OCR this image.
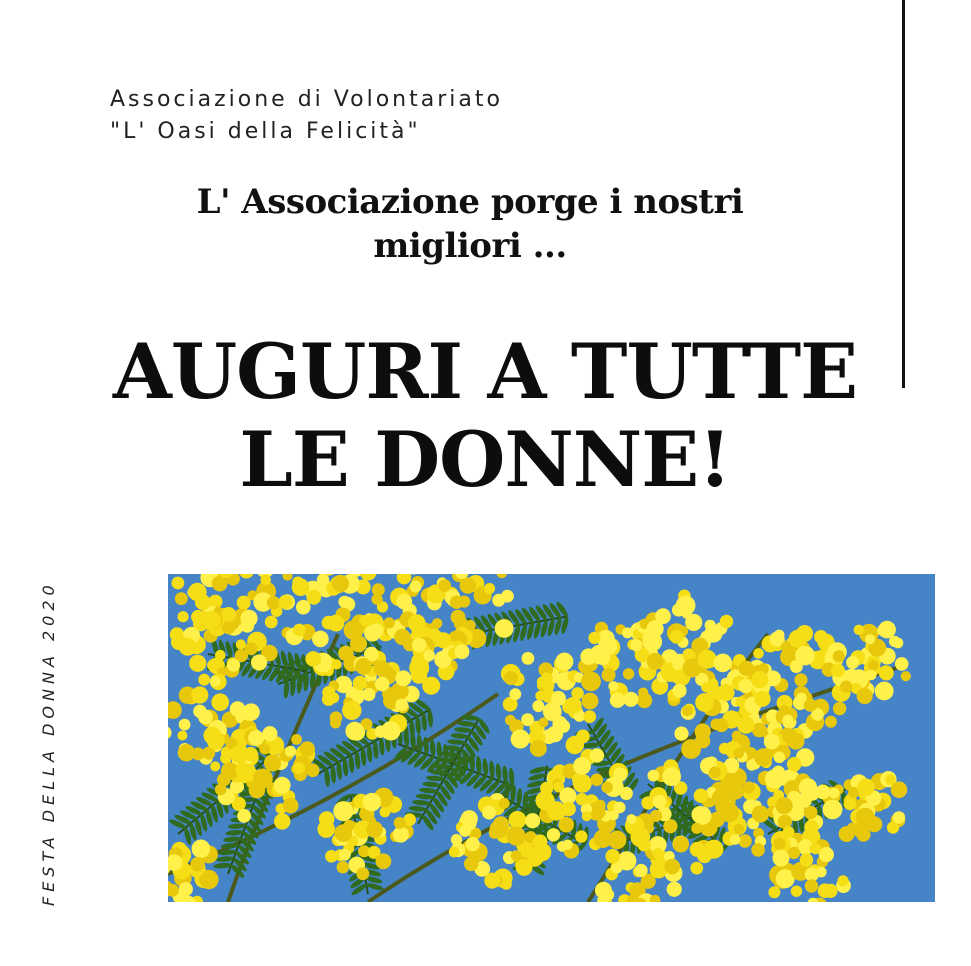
Associazione di Volontariato
"L' Oasi della Felicità"
L' Associazione porge i nostri
migliori ...
AUGURI A TUTTE
LE DONNE!
FESTA DELLA DONNA 2020
